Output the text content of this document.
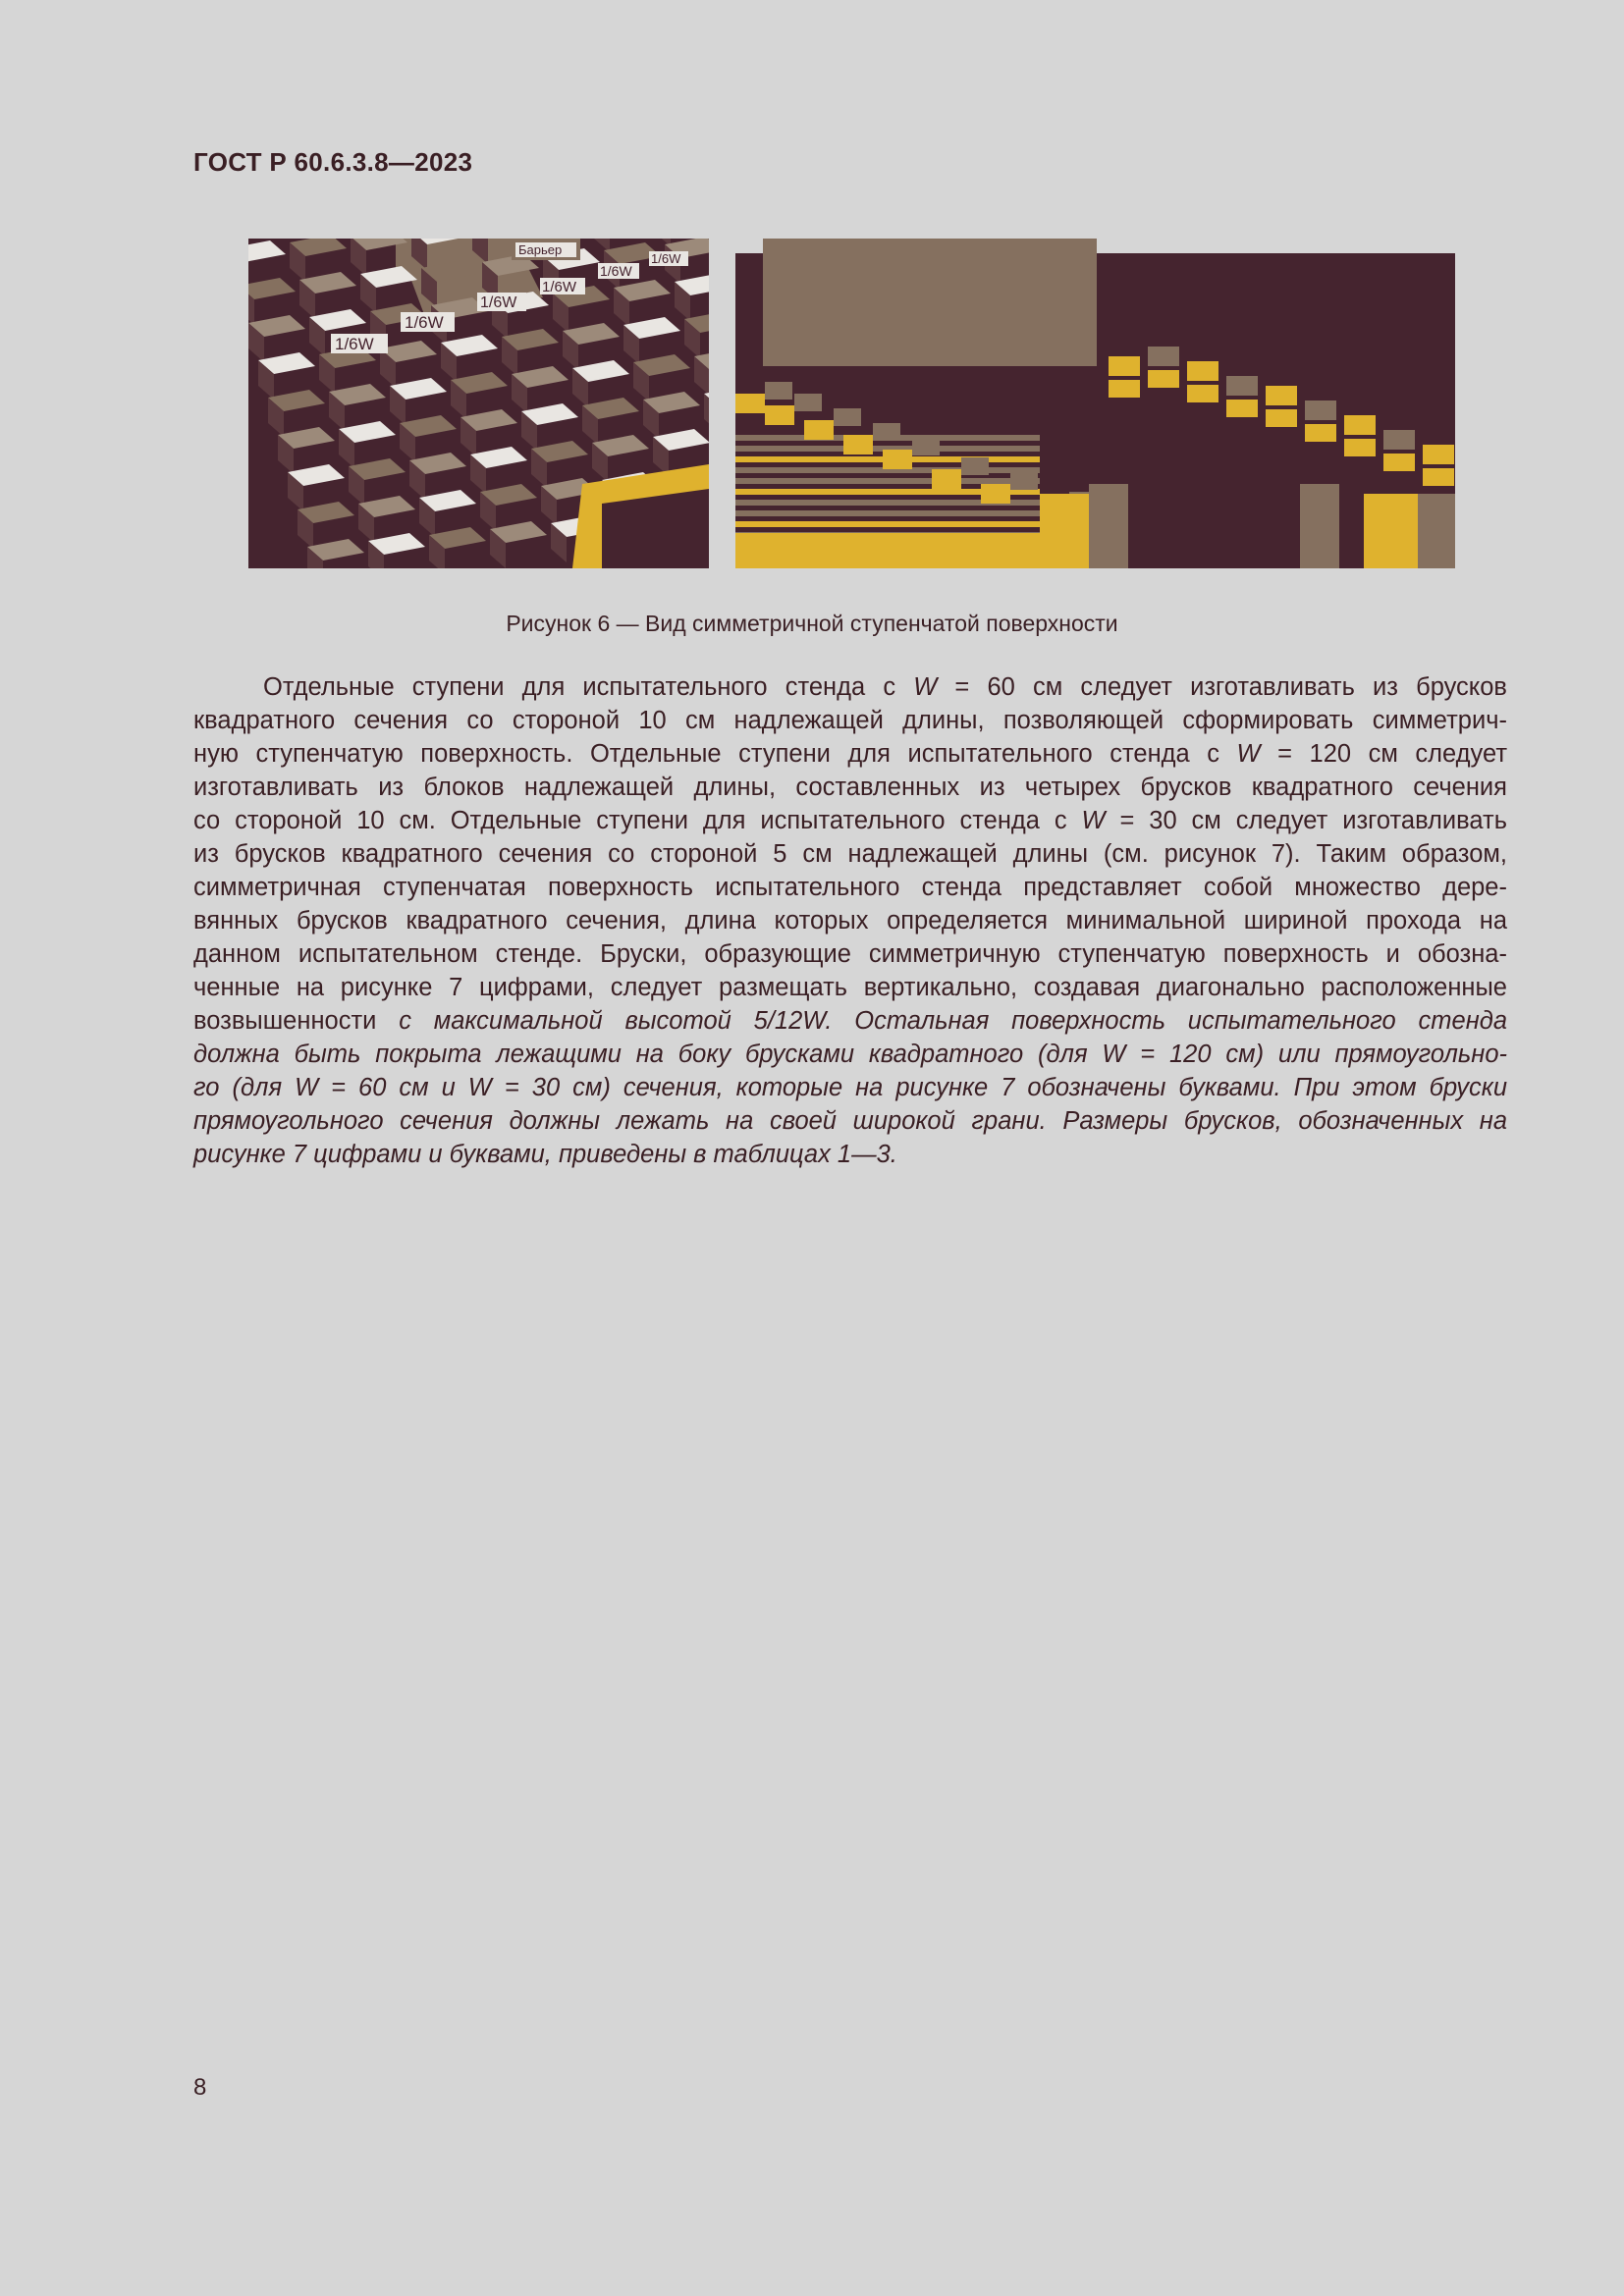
ГОСТ Р 60.6.3.8—2023
1/6W
1/6W
1/6W
1/6W
1/6W
1/6W
Барьер
Рисунок 6 — Вид симметричной ступенчатой поверхности

Отдельные ступени для испытательного стенда с W = 60 см следует изготавливать из брусков
квадратного сечения со стороной 10 см надлежащей длины, позволяющей сформировать симметрич-
ную ступенчатую поверхность. Отдельные ступени для испытательного стенда с W = 120 см следует
изготавливать из блоков надлежащей длины, составленных из четырех брусков квадратного сечения
со стороной 10 см. Отдельные ступени для испытательного стенда с W = 30 см следует изготавливать
из брусков квадратного сечения со стороной 5 см надлежащей длины (см. рисунок 7). Таким образом,
симметричная ступенчатая поверхность испытательного стенда представляет собой множество дере-
вянных брусков квадратного сечения, длина которых определяется минимальной шириной прохода на
данном испытательном стенде. Бруски, образующие симметричную ступенчатую поверхность и обозна-
ченные на рисунке 7 цифрами, следует размещать вертикально, создавая диагонально расположенные
возвышенности с максимальной высотой 5/12W. Остальная поверхность испытательного стенда
должна быть покрыта лежащими на боку брусками квадратного (для W = 120 см) или прямоугольно-
го (для W = 60 см и W = 30 см) сечения, которые на рисунке 7 обозначены буквами. При этом бруски
прямоугольного сечения должны лежать на своей широкой грани. Размеры брусков, обозначенных на
рисунке 7 цифрами и буквами, приведены в таблицах 1—3.

8
